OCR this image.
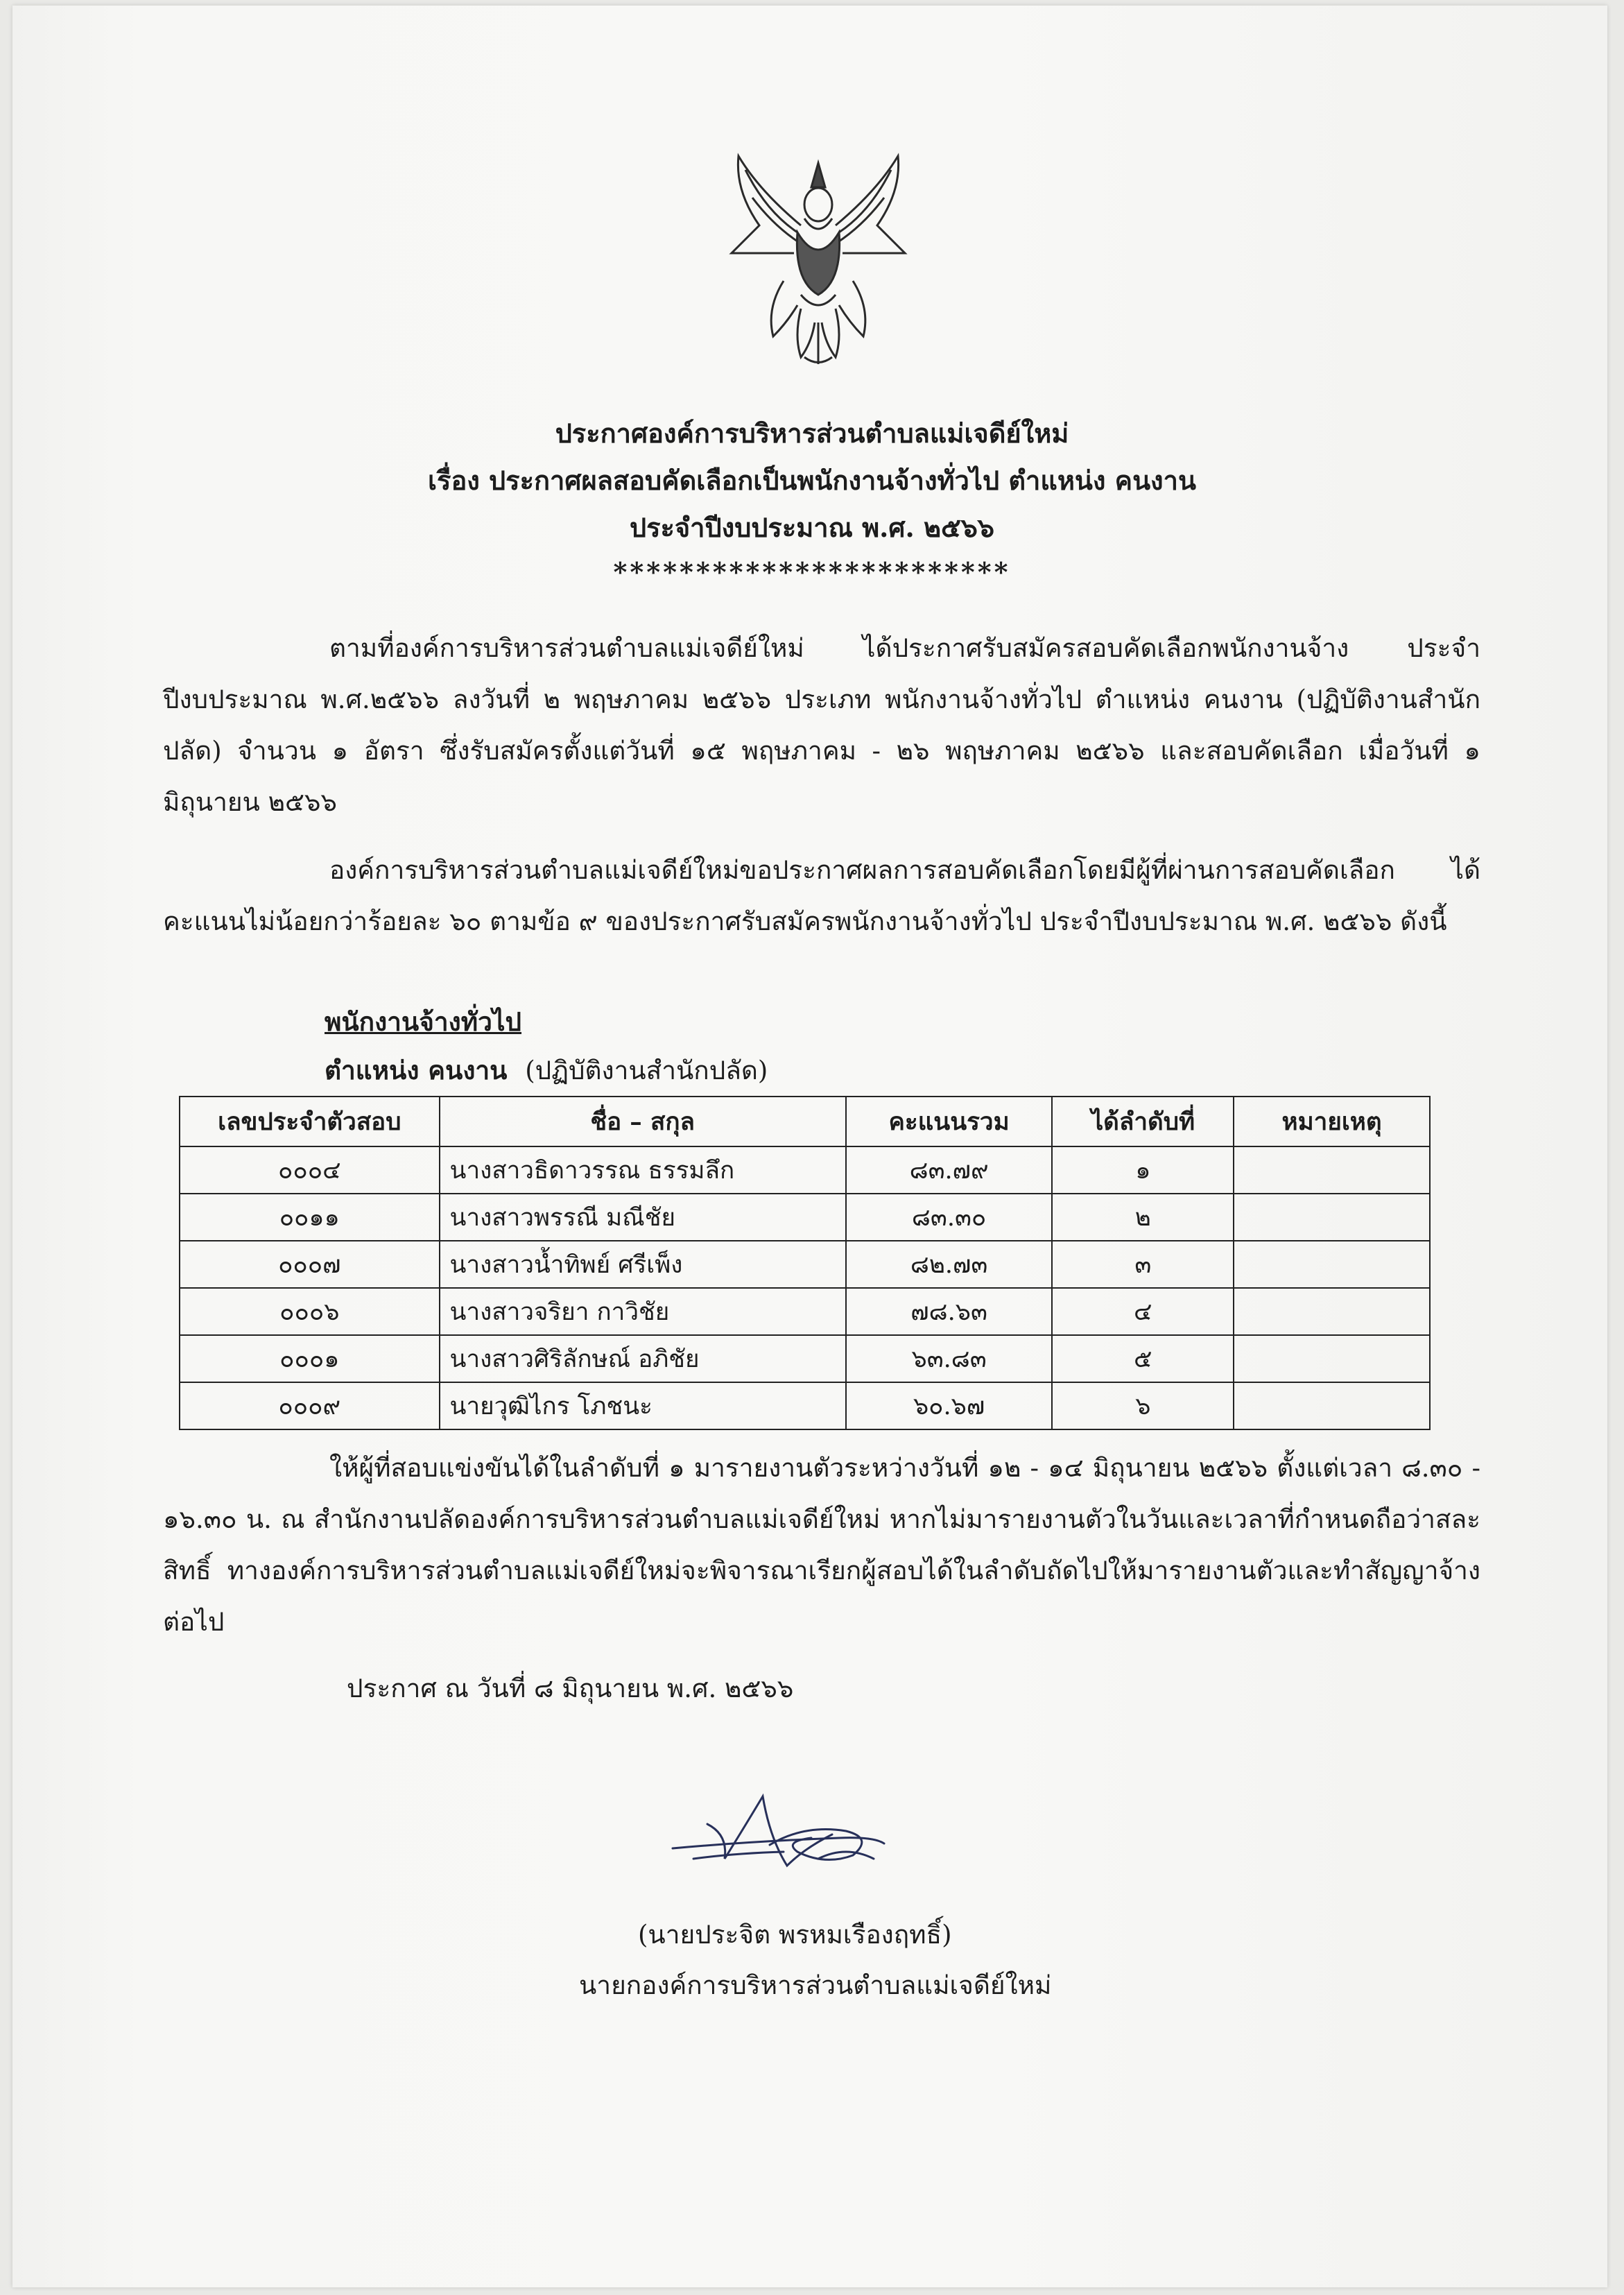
ประกาศองค์การบริหารส่วนตำบลแม่เจดีย์ใหม่
เรื่อง ประกาศผลสอบคัดเลือกเป็นพนักงานจ้างทั่วไป ตำแหน่ง คนงาน
ประจำปีงบประมาณ พ.ศ. ๒๕๖๖
************************
ตามที่องค์การบริหารส่วนตำบลแม่เจดีย์ใหม่ ได้ประกาศรับสมัครสอบคัดเลือกพนักงานจ้าง ประจำปีงบประมาณ พ.ศ.๒๕๖๖ ลงวันที่ ๒ พฤษภาคม ๒๕๖๖ ประเภท พนักงานจ้างทั่วไป ตำแหน่ง คนงาน (ปฏิบัติงานสำนักปลัด) จำนวน ๑ อัตรา ซึ่งรับสมัครตั้งแต่วันที่ ๑๕ พฤษภาคม - ๒๖ พฤษภาคม ๒๕๖๖ และสอบคัดเลือก เมื่อวันที่ ๑ มิถุนายน ๒๕๖๖
องค์การบริหารส่วนตำบลแม่เจดีย์ใหม่ขอประกาศผลการสอบคัดเลือกโดยมีผู้ที่ผ่านการสอบคัดเลือก ได้คะแนนไม่น้อยกว่าร้อยละ ๖๐ ตามข้อ ๙ ของประกาศรับสมัครพนักงานจ้างทั่วไป ประจำปีงบประมาณ พ.ศ. ๒๕๖๖ ดังนี้
พนักงานจ้างทั่วไป
ตำแหน่ง คนงาน (ปฏิบัติงานสำนักปลัด)
เลขประจำตัวสอบ	ชื่อ – สกุล	คะแนนรวม	ได้ลำดับที่	หมายเหตุ
๐๐๐๔	นางสาวธิดาวรรณ ธรรมลึก	๘๓.๗๙	๑	
๐๐๑๑	นางสาวพรรณี มณีชัย	๘๓.๓๐	๒	
๐๐๐๗	นางสาวน้ำทิพย์ ศรีเพ็ง	๘๒.๗๓	๓	
๐๐๐๖	นางสาวจริยา กาวิชัย	๗๘.๖๓	๔	
๐๐๐๑	นางสาวศิริลักษณ์ อภิชัย	๖๓.๘๓	๕	
๐๐๐๙	นายวุฒิไกร โภชนะ	๖๐.๖๗	๖	
ให้ผู้ที่สอบแข่งขันได้ในลำดับที่ ๑ มารายงานตัวระหว่างวันที่ ๑๒ - ๑๔ มิถุนายน ๒๕๖๖ ตั้งแต่เวลา ๘.๓๐ - ๑๖.๓๐ น. ณ สำนักงานปลัดองค์การบริหารส่วนตำบลแม่เจดีย์ใหม่ หากไม่มารายงานตัวในวันและเวลาที่กำหนดถือว่าสละสิทธิ์ ทางองค์การบริหารส่วนตำบลแม่เจดีย์ใหม่จะพิจารณาเรียกผู้สอบได้ในลำดับถัดไปให้มารายงานตัวและทำสัญญาจ้างต่อไป
ประกาศ ณ วันที่ ๘ มิถุนายน พ.ศ. ๒๕๖๖
(นายประจิต พรหมเรืองฤทธิ์)
นายกองค์การบริหารส่วนตำบลแม่เจดีย์ใหม่
